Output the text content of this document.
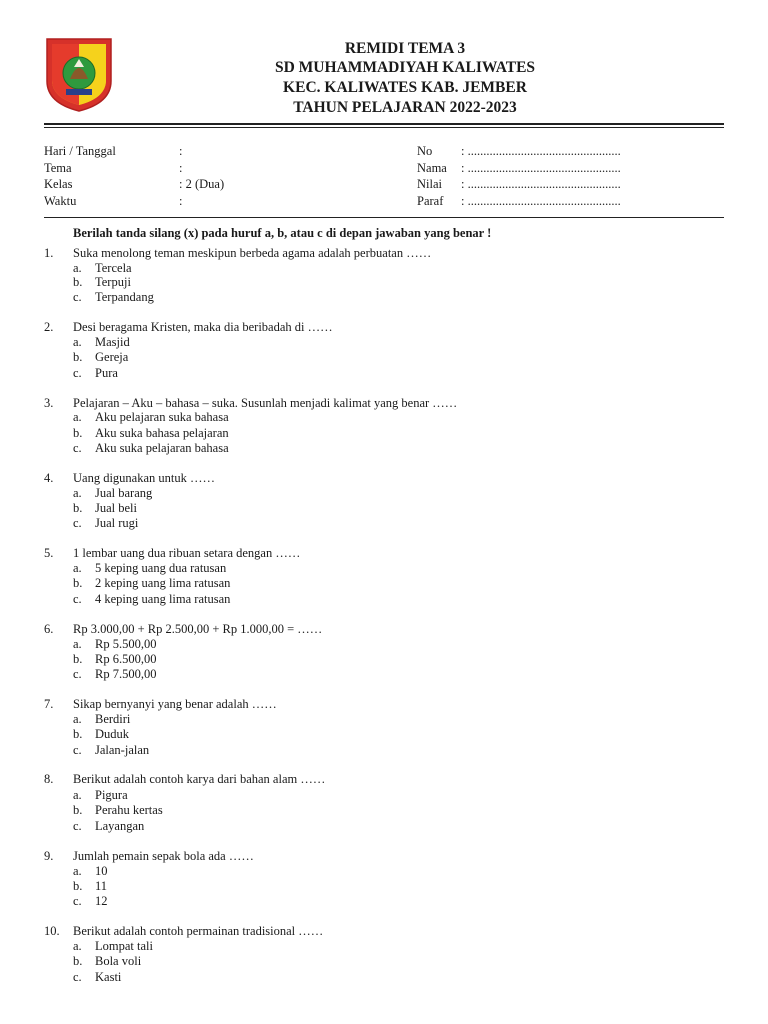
REMIDI TEMA 3
SD MUHAMMADIYAH KALIWATES
KEC. KALIWATES KAB. JEMBER
TAHUN PELAJARAN 2022-2023
Hari / Tanggal	:
Tema	:
Kelas	: 2 (Dua)
Waktu	:
No : .................................................
Nama : .................................................
Nilai : .................................................
Paraf : .................................................
Berilah tanda silang (x) pada huruf a, b, atau c di depan jawaban yang benar !
1.	Suka menolong teman meskipun berbeda agama adalah perbuatan ……
a.	Tercela
b.	Terpuji
c.	Terpandang
2.	Desi beragama Kristen, maka dia beribadah di ……
a.	Masjid
b.	Gereja
c.	Pura
3.	Pelajaran – Aku – bahasa – suka. Susunlah menjadi kalimat yang benar ……
a.	Aku pelajaran suka bahasa
b.	Aku suka bahasa pelajaran
c.	Aku suka pelajaran bahasa
4.	Uang digunakan untuk ……
a.	Jual barang
b.	Jual beli
c.	Jual rugi
5.	1 lembar uang dua ribuan setara dengan ……
a.	5 keping uang dua ratusan
b.	2 keping uang lima ratusan
c.	4 keping uang lima ratusan
6.	Rp 3.000,00 + Rp 2.500,00 + Rp 1.000,00 = ……
a.	Rp 5.500,00
b.	Rp 6.500,00
c.	Rp 7.500,00
7.	Sikap bernyanyi yang benar adalah ……
a.	Berdiri
b.	Duduk
c.	Jalan-jalan
8.	Berikut adalah contoh karya dari bahan alam ……
a.	Pigura
b.	Perahu kertas
c.	Layangan
9.	Jumlah pemain sepak bola ada ……
a.	10
b.	11
c.	12
10.	Berikut adalah contoh permainan tradisional ……
a.	Lompat tali
b.	Bola voli
c.	Kasti
